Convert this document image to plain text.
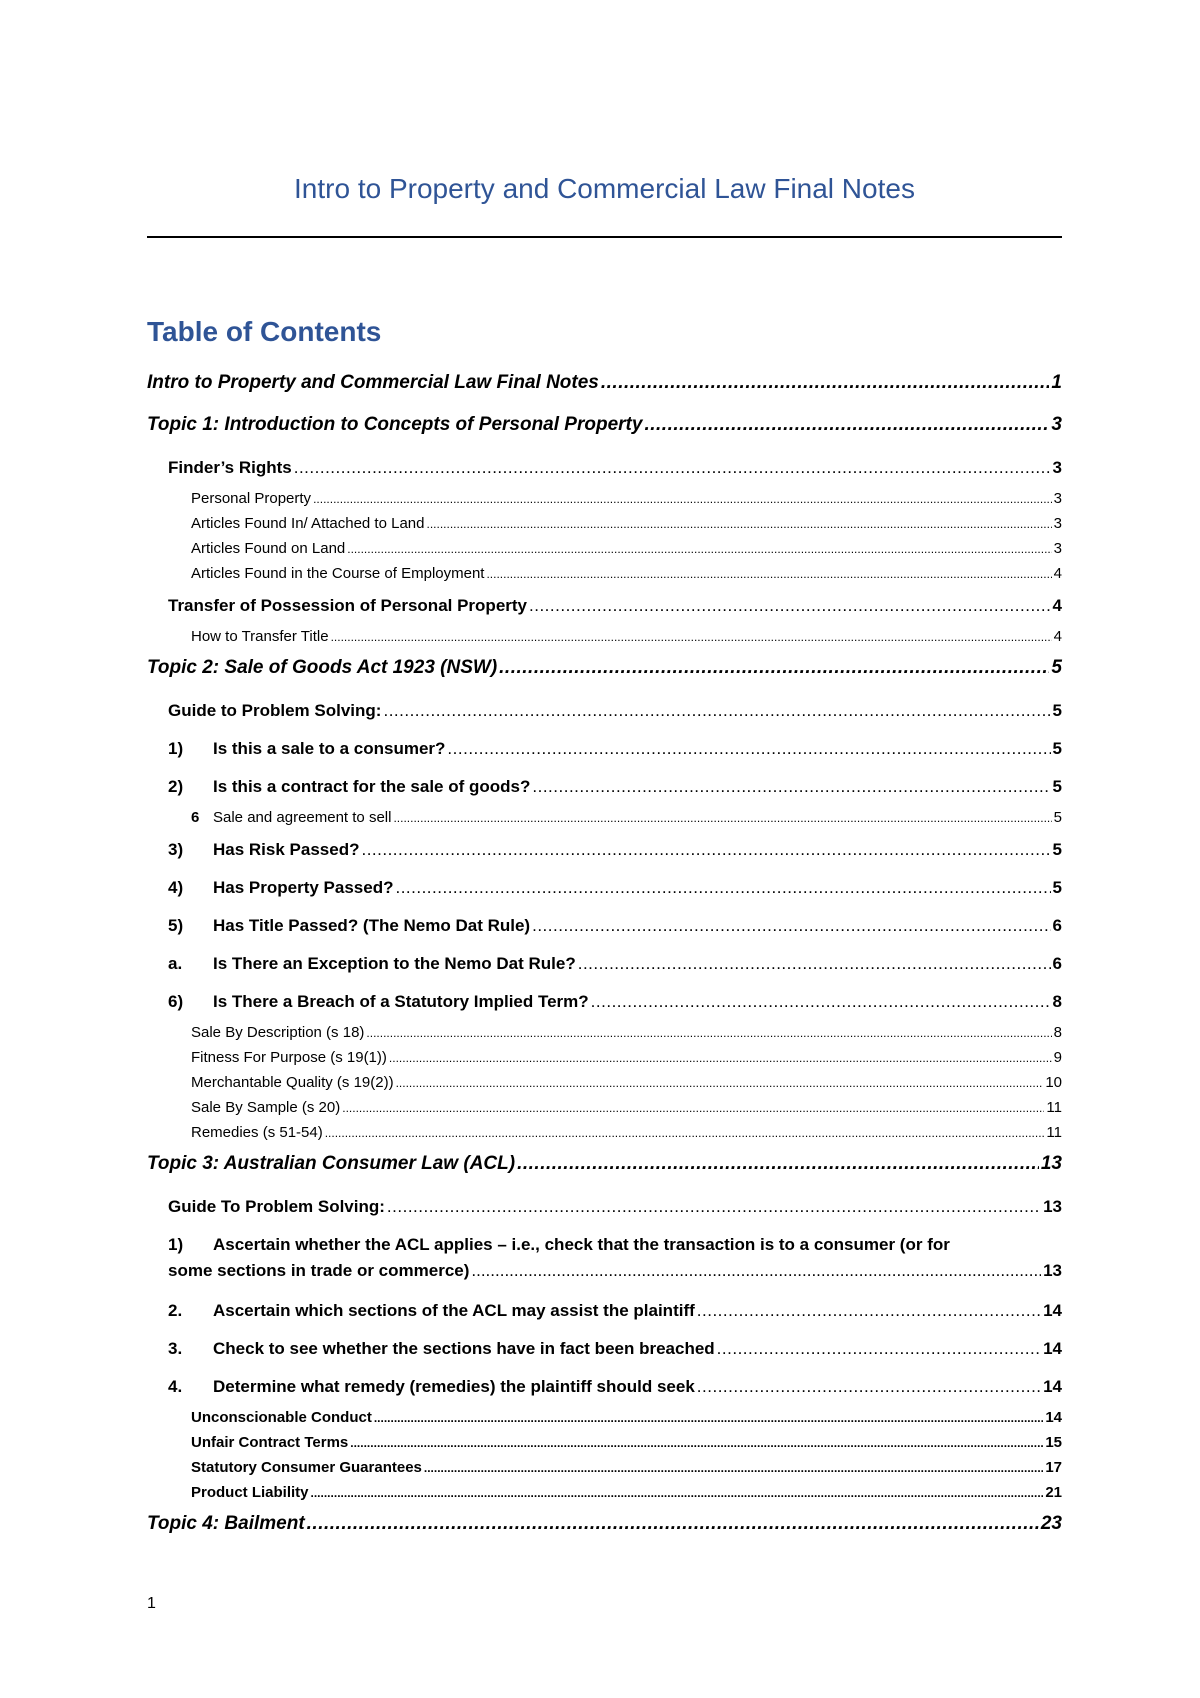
Intro to Property and Commercial Law Final Notes
Table of Contents
Intro to Property and Commercial Law Final Notes .....	1
Topic 1: Introduction to Concepts of Personal Property .....	3
Finder’s Rights .....	3
Personal Property .....	3
Articles Found In/ Attached to Land .....	3
Articles Found on Land .....	3
Articles Found in the Course of Employment .....	4
Transfer of Possession of Personal Property .....	4
How to Transfer Title .....	4
Topic 2: Sale of Goods Act 1923 (NSW) .....	5
Guide to Problem Solving: .....	5
1) Is this a sale to a consumer? .....	5
2) Is this a contract for the sale of goods? .....	5
6 Sale and agreement to sell .....	5
3) Has Risk Passed? .....	5
4) Has Property Passed? .....	5
5) Has Title Passed? (The Nemo Dat Rule) .....	6
a. Is There an Exception to the Nemo Dat Rule? .....	6
6) Is There a Breach of a Statutory Implied Term? .....	8
Sale By Description (s 18) .....	8
Fitness For Purpose (s 19(1)) .....	9
Merchantable Quality (s 19(2)) .....	10
Sale By Sample (s 20) .....	11
Remedies (s 51-54) .....	11
Topic 3: Australian Consumer Law (ACL) .....	13
Guide To Problem Solving: .....	13
1)	Ascertain whether the ACL applies – i.e., check that the transaction is to a consumer (or for
some sections in trade or commerce) .....	13
2. Ascertain which sections of the ACL may assist the plaintiff .....	14
3. Check to see whether the sections have in fact been breached .....	14
4. Determine what remedy (remedies) the plaintiff should seek .....	14
Unconscionable Conduct .....	14
Unfair Contract Terms .....	15
Statutory Consumer Guarantees .....	17
Product Liability .....	21
Topic 4: Bailment .....	23
1
